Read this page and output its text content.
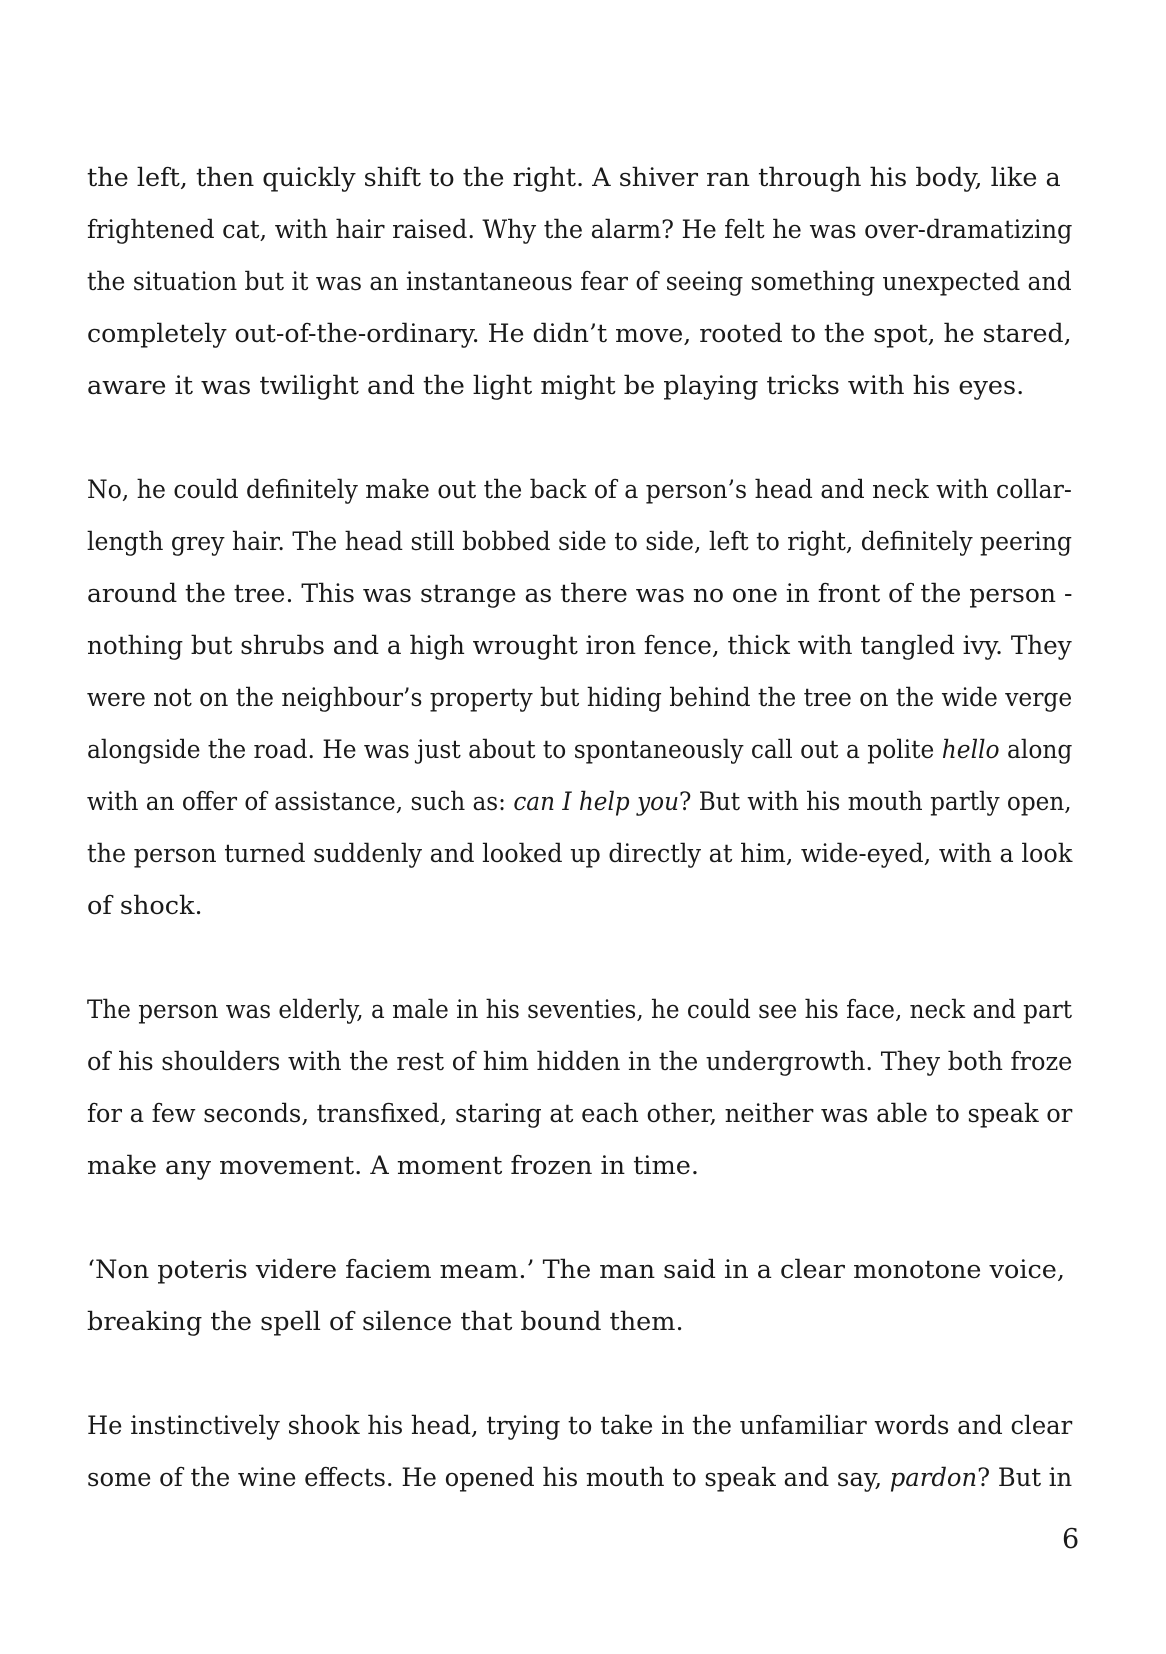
the left, then quickly shift to the right. A shiver ran through his body, like a
frightened cat, with hair raised. Why the alarm? He felt he was over-dramatizing
the situation but it was an instantaneous fear of seeing something unexpected and
completely out-of-the-ordinary. He didn’t move, rooted to the spot, he stared,
aware it was twilight and the light might be playing tricks with his eyes.
No, he could definitely make out the back of a person’s head and neck with collar-
length grey hair. The head still bobbed side to side, left to right, definitely peering
around the tree. This was strange as there was no one in front of the person -
nothing but shrubs and a high wrought iron fence, thick with tangled ivy. They
were not on the neighbour’s property but hiding behind the tree on the wide verge
alongside the road. He was just about to spontaneously call out a polite hello along
with an offer of assistance, such as: can I help you? But with his mouth partly open,
the person turned suddenly and looked up directly at him, wide-eyed, with a look
of shock.
The person was elderly, a male in his seventies, he could see his face, neck and part
of his shoulders with the rest of him hidden in the undergrowth. They both froze
for a few seconds, transfixed, staring at each other, neither was able to speak or
make any movement. A moment frozen in time.
‘Non poteris videre faciem meam.’ The man said in a clear monotone voice,
breaking the spell of silence that bound them.
He instinctively shook his head, trying to take in the unfamiliar words and clear
some of the wine effects. He opened his mouth to speak and say, pardon? But in
6
